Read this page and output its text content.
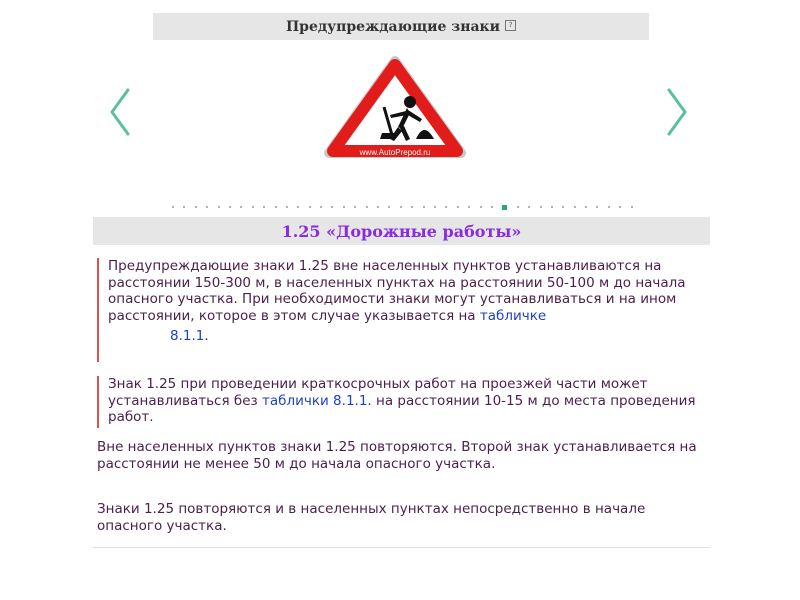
Предупреждающие знаки	?
www.AutoPrepod.ru
1.25 «Дорожные работы»
Предупреждающие знаки 1.25 вне населенных пунктов устанавливаются на расстоянии 150-300 м, в населенных пунктах на расстоянии 50-100 м до начала опасного участка. При необходимости знаки могут устанавливаться и на ином расстоянии, которое в этом случае указывается на табличке
8.1.1.
Знак 1.25 при проведении краткосрочных работ на проезжей части может устанавливаться без таблички 8.1.1. на расстоянии 10-15 м до места проведения работ.

Вне населенных пунктов знаки 1.25 повторяются. Второй знак устанавливается на расстоянии не менее 50 м до начала опасного участка.

Знаки 1.25 повторяются и в населенных пунктах непосредственно в начале опасного участка.
